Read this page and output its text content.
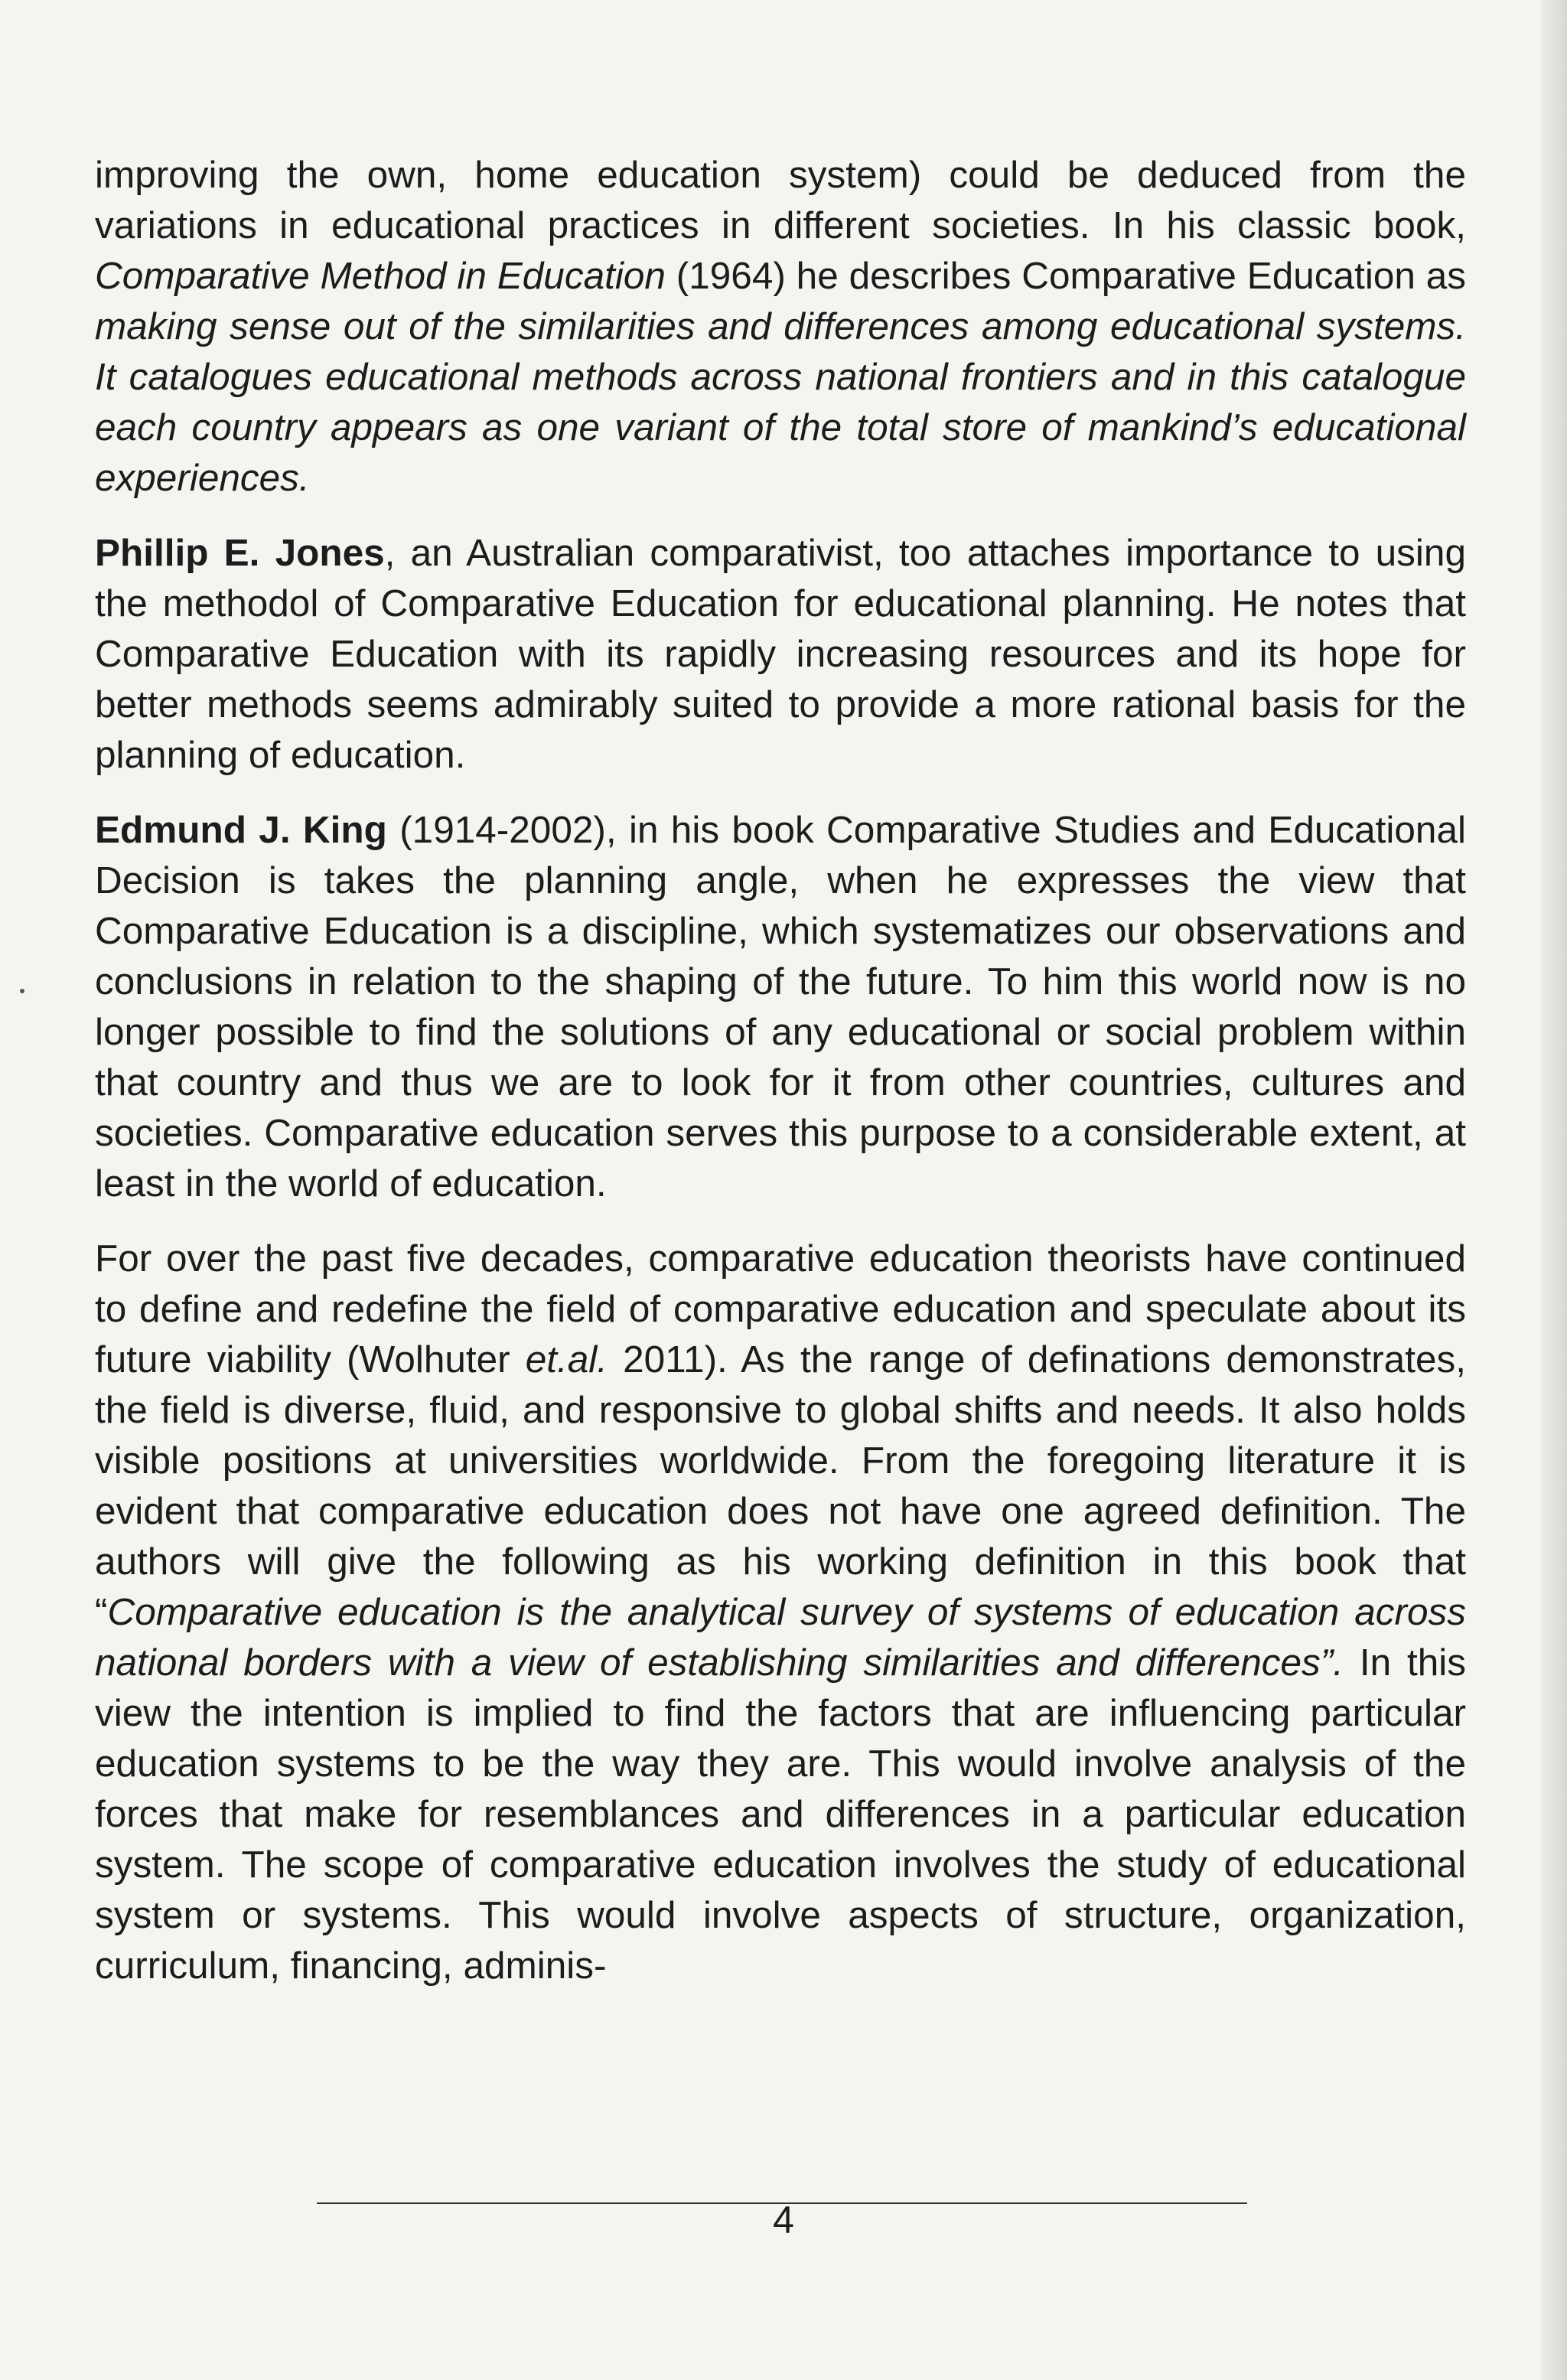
improving the own, home education system) could be deduced from the variations in educational practices in different societies. In his classic book, Comparative Method in Education (1964) he describes Comparative Education as making sense out of the similarities and differences among educational systems. It catalogues educational methods across national frontiers and in this catalogue each country appears as one variant of the total store of mankind’s educational experiences.

Phillip E. Jones, an Australian comparativist, too attaches importance to using the methodol of Comparative Education for educational planning. He notes that Comparative Education with its rapidly increasing resources and its hope for better methods seems admirably suited to provide a more rational basis for the planning of education.

Edmund J. King (1914-2002), in his book Comparative Studies and Educational Decision is takes the planning angle, when he expresses the view that Comparative Education is a discipline, which systematizes our observations and conclusions in relation to the shaping of the future. To him this world now is no longer possible to find the solutions of any educational or social problem within that country and thus we are to look for it from other countries, cultures and societies. Comparative education serves this purpose to a considerable extent, at least in the world of education.

For over the past five decades, comparative education theorists have continued to define and redefine the field of comparative education and speculate about its future viability (Wolhuter et.al. 2011). As the range of definations demonstrates, the field is diverse, fluid, and responsive to global shifts and needs. It also holds visible positions at universities worldwide. From the foregoing literature it is evident that comparative education does not have one agreed definition. The authors will give the following as his working definition in this book that “Comparative education is the analytical survey of systems of education across national borders with a view of establishing similarities and differences”. In this view the intention is implied to find the factors that are influencing particular education systems to be the way they are. This would involve analysis of the forces that make for resemblances and differences in a particular education system. The scope of comparative education involves the study of educational system or systems. This would involve aspects of structure, organization, curriculum, financing, adminis-

4
